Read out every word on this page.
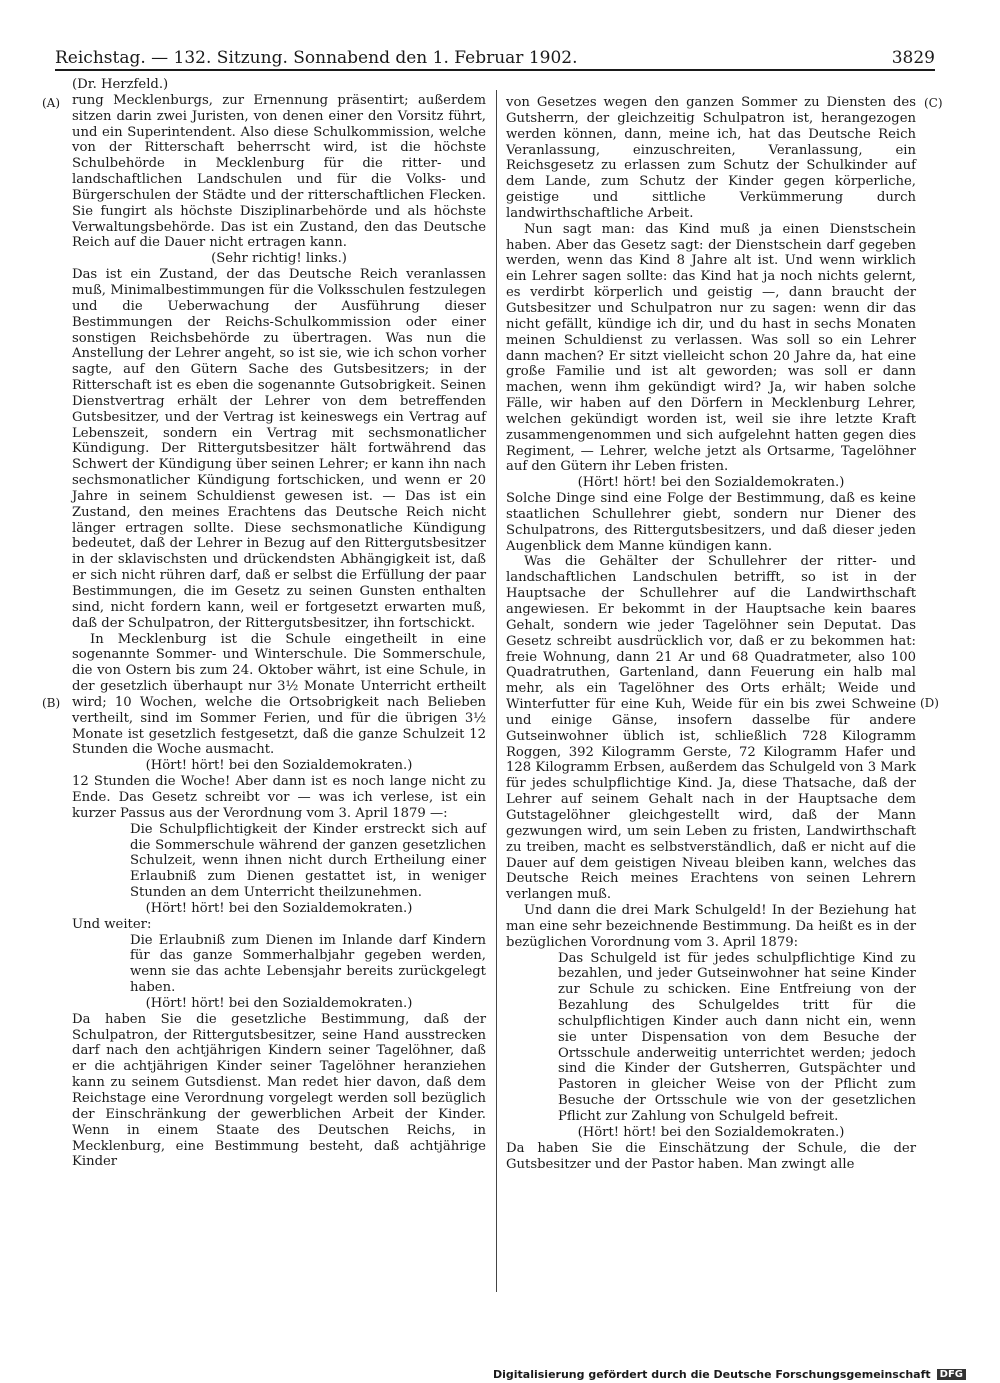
Reichstag. — 132. Sitzung. Sonnabend den 1. Februar 1902.	3829
(A)
(B)
(C)
(D)

(Dr. Herzfeld.)

rung Mecklenburgs, zur Ernennung präsentirt; außerdem sitzen darin zwei Juristen, von denen einer den Vorsitz führt, und ein Superintendent. Also diese Schulkommission, welche von der Ritterschaft beherrscht wird, ist die höchste Schulbehörde in Mecklenburg für die ritter- und landschaftlichen Landschulen und für die Volks- und Bürgerschulen der Städte und der ritterschaftlichen Flecken. Sie fungirt als höchste Disziplinarbehörde und als höchste Verwaltungsbehörde. Das ist ein Zustand, den das Deutsche Reich auf die Dauer nicht ertragen kann.

(Sehr richtig! links.)

Das ist ein Zustand, der das Deutsche Reich veranlassen muß, Minimalbestimmungen für die Volksschulen festzulegen und die Ueberwachung der Ausführung dieser Bestimmungen der Reichs-Schulkommission oder einer sonstigen Reichsbehörde zu übertragen. Was nun die Anstellung der Lehrer angeht, so ist sie, wie ich schon vorher sagte, auf den Gütern Sache des Gutsbesitzers; in der Ritterschaft ist es eben die sogenannte Gutsobrigkeit. Seinen Dienstvertrag erhält der Lehrer von dem betreffenden Gutsbesitzer, und der Vertrag ist keineswegs ein Vertrag auf Lebenszeit, sondern ein Vertrag mit sechsmonatlicher Kündigung. Der Rittergutsbesitzer hält fortwährend das Schwert der Kündigung über seinen Lehrer; er kann ihn nach sechsmonatlicher Kündigung fortschicken, und wenn er 20 Jahre in seinem Schuldienst gewesen ist. — Das ist ein Zustand, den meines Erachtens das Deutsche Reich nicht länger ertragen sollte. Diese sechsmonatliche Kündigung bedeutet, daß der Lehrer in Bezug auf den Rittergutsbesitzer in der sklavischsten und drückendsten Abhängigkeit ist, daß er sich nicht rühren darf, daß er selbst die Erfüllung der paar Bestimmungen, die im Gesetz zu seinen Gunsten enthalten sind, nicht fordern kann, weil er fortgesetzt erwarten muß, daß der Schulpatron, der Rittergutsbesitzer, ihn fortschickt.

In Mecklenburg ist die Schule eingetheilt in eine sogenannte Sommer- und Winterschule. Die Sommerschule, die von Ostern bis zum 24. Oktober währt, ist eine Schule, in der gesetzlich überhaupt nur 3½ Monate Unterricht ertheilt wird; 10 Wochen, welche die Ortsobrigkeit nach Belieben vertheilt, sind im Sommer Ferien, und für die übrigen 3½ Monate ist gesetzlich festgesetzt, daß die ganze Schulzeit 12 Stunden die Woche ausmacht.

(Hört! hört! bei den Sozialdemokraten.)

12 Stunden die Woche! Aber dann ist es noch lange nicht zu Ende. Das Gesetz schreibt vor — was ich verlese, ist ein kurzer Passus aus der Verordnung vom 3. April 1879 —:

Die Schulpflichtigkeit der Kinder erstreckt sich auf die Sommerschule während der ganzen gesetzlichen Schulzeit, wenn ihnen nicht durch Ertheilung einer Erlaubniß zum Dienen gestattet ist, in weniger Stunden an dem Unterricht theilzunehmen.

(Hört! hört! bei den Sozialdemokraten.)

Und weiter:

Die Erlaubniß zum Dienen im Inlande darf Kindern für das ganze Sommerhalbjahr gegeben werden, wenn sie das achte Lebensjahr bereits zurückgelegt haben.

(Hört! hört! bei den Sozialdemokraten.)

Da haben Sie die gesetzliche Bestimmung, daß der Schulpatron, der Rittergutsbesitzer, seine Hand ausstrecken darf nach den achtjährigen Kindern seiner Tagelöhner, daß er die achtjährigen Kinder seiner Tagelöhner heranziehen kann zu seinem Gutsdienst. Man redet hier davon, daß dem Reichstage eine Verordnung vorgelegt werden soll bezüglich der Einschränkung der gewerblichen Arbeit der Kinder. Wenn in einem Staate des Deutschen Reichs, in Mecklenburg, eine Bestimmung besteht, daß achtjährige Kinder

von Gesetzes wegen den ganzen Sommer zu Diensten des Gutsherrn, der gleichzeitig Schulpatron ist, herangezogen werden können, dann, meine ich, hat das Deutsche Reich Veranlassung, einzuschreiten, Veranlassung, ein Reichsgesetz zu erlassen zum Schutz der Schulkinder auf dem Lande, zum Schutz der Kinder gegen körperliche, geistige und sittliche Verkümmerung durch landwirthschaftliche Arbeit.

Nun sagt man: das Kind muß ja einen Dienstschein haben. Aber das Gesetz sagt: der Dienstschein darf gegeben werden, wenn das Kind 8 Jahre alt ist. Und wenn wirklich ein Lehrer sagen sollte: das Kind hat ja noch nichts gelernt, es verdirbt körperlich und geistig —, dann braucht der Gutsbesitzer und Schulpatron nur zu sagen: wenn dir das nicht gefällt, kündige ich dir, und du hast in sechs Monaten meinen Schuldienst zu verlassen. Was soll so ein Lehrer dann machen? Er sitzt vielleicht schon 20 Jahre da, hat eine große Familie und ist alt geworden; was soll er dann machen, wenn ihm gekündigt wird? Ja, wir haben solche Fälle, wir haben auf den Dörfern in Mecklenburg Lehrer, welchen gekündigt worden ist, weil sie ihre letzte Kraft zusammengenommen und sich aufgelehnt hatten gegen dies Regiment, — Lehrer, welche jetzt als Ortsarme, Tagelöhner auf den Gütern ihr Leben fristen.

(Hört! hört! bei den Sozialdemokraten.)

Solche Dinge sind eine Folge der Bestimmung, daß es keine staatlichen Schullehrer giebt, sondern nur Diener des Schulpatrons, des Rittergutsbesitzers, und daß dieser jeden Augenblick dem Manne kündigen kann.

Was die Gehälter der Schullehrer der ritter- und landschaftlichen Landschulen betrifft, so ist in der Hauptsache der Schullehrer auf die Landwirthschaft angewiesen. Er bekommt in der Hauptsache kein baares Gehalt, sondern wie jeder Tagelöhner sein Deputat. Das Gesetz schreibt ausdrücklich vor, daß er zu bekommen hat: freie Wohnung, dann 21 Ar und 68 Quadratmeter, also 100 Quadratruthen, Gartenland, dann Feuerung ein halb mal mehr, als ein Tagelöhner des Orts erhält; Weide und Winterfutter für eine Kuh, Weide für ein bis zwei Schweine und einige Gänse, insofern dasselbe für andere Gutseinwohner üblich ist, schließlich 728 Kilogramm Roggen, 392 Kilogramm Gerste, 72 Kilogramm Hafer und 128 Kilogramm Erbsen, außerdem das Schulgeld von 3 Mark für jedes schulpflichtige Kind. Ja, diese Thatsache, daß der Lehrer auf seinem Gehalt nach in der Hauptsache dem Gutstagelöhner gleichgestellt wird, daß der Mann gezwungen wird, um sein Leben zu fristen, Landwirthschaft zu treiben, macht es selbstverständlich, daß er nicht auf die Dauer auf dem geistigen Niveau bleiben kann, welches das Deutsche Reich meines Erachtens von seinen Lehrern verlangen muß.

Und dann die drei Mark Schulgeld! In der Beziehung hat man eine sehr bezeichnende Bestimmung. Da heißt es in der bezüglichen Vorordnung vom 3. April 1879:

Das Schulgeld ist für jedes schulpflichtige Kind zu bezahlen, und jeder Gutseinwohner hat seine Kinder zur Schule zu schicken. Eine Entfreiung von der Bezahlung des Schulgeldes tritt für die schulpflichtigen Kinder auch dann nicht ein, wenn sie unter Dispensation von dem Besuche der Ortsschule anderweitig unterrichtet werden; jedoch sind die Kinder der Gutsherren, Gutspächter und Pastoren in gleicher Weise von der Pflicht zum Besuche der Ortsschule wie von der gesetzlichen Pflicht zur Zahlung von Schulgeld befreit.

(Hört! hört! bei den Sozialdemokraten.)

Da haben Sie die Einschätzung der Schule, die der Gutsbesitzer und der Pastor haben. Man zwingt alle

Digitalisierung gefördert durch die Deutsche Forschungsgemeinschaft DFG
